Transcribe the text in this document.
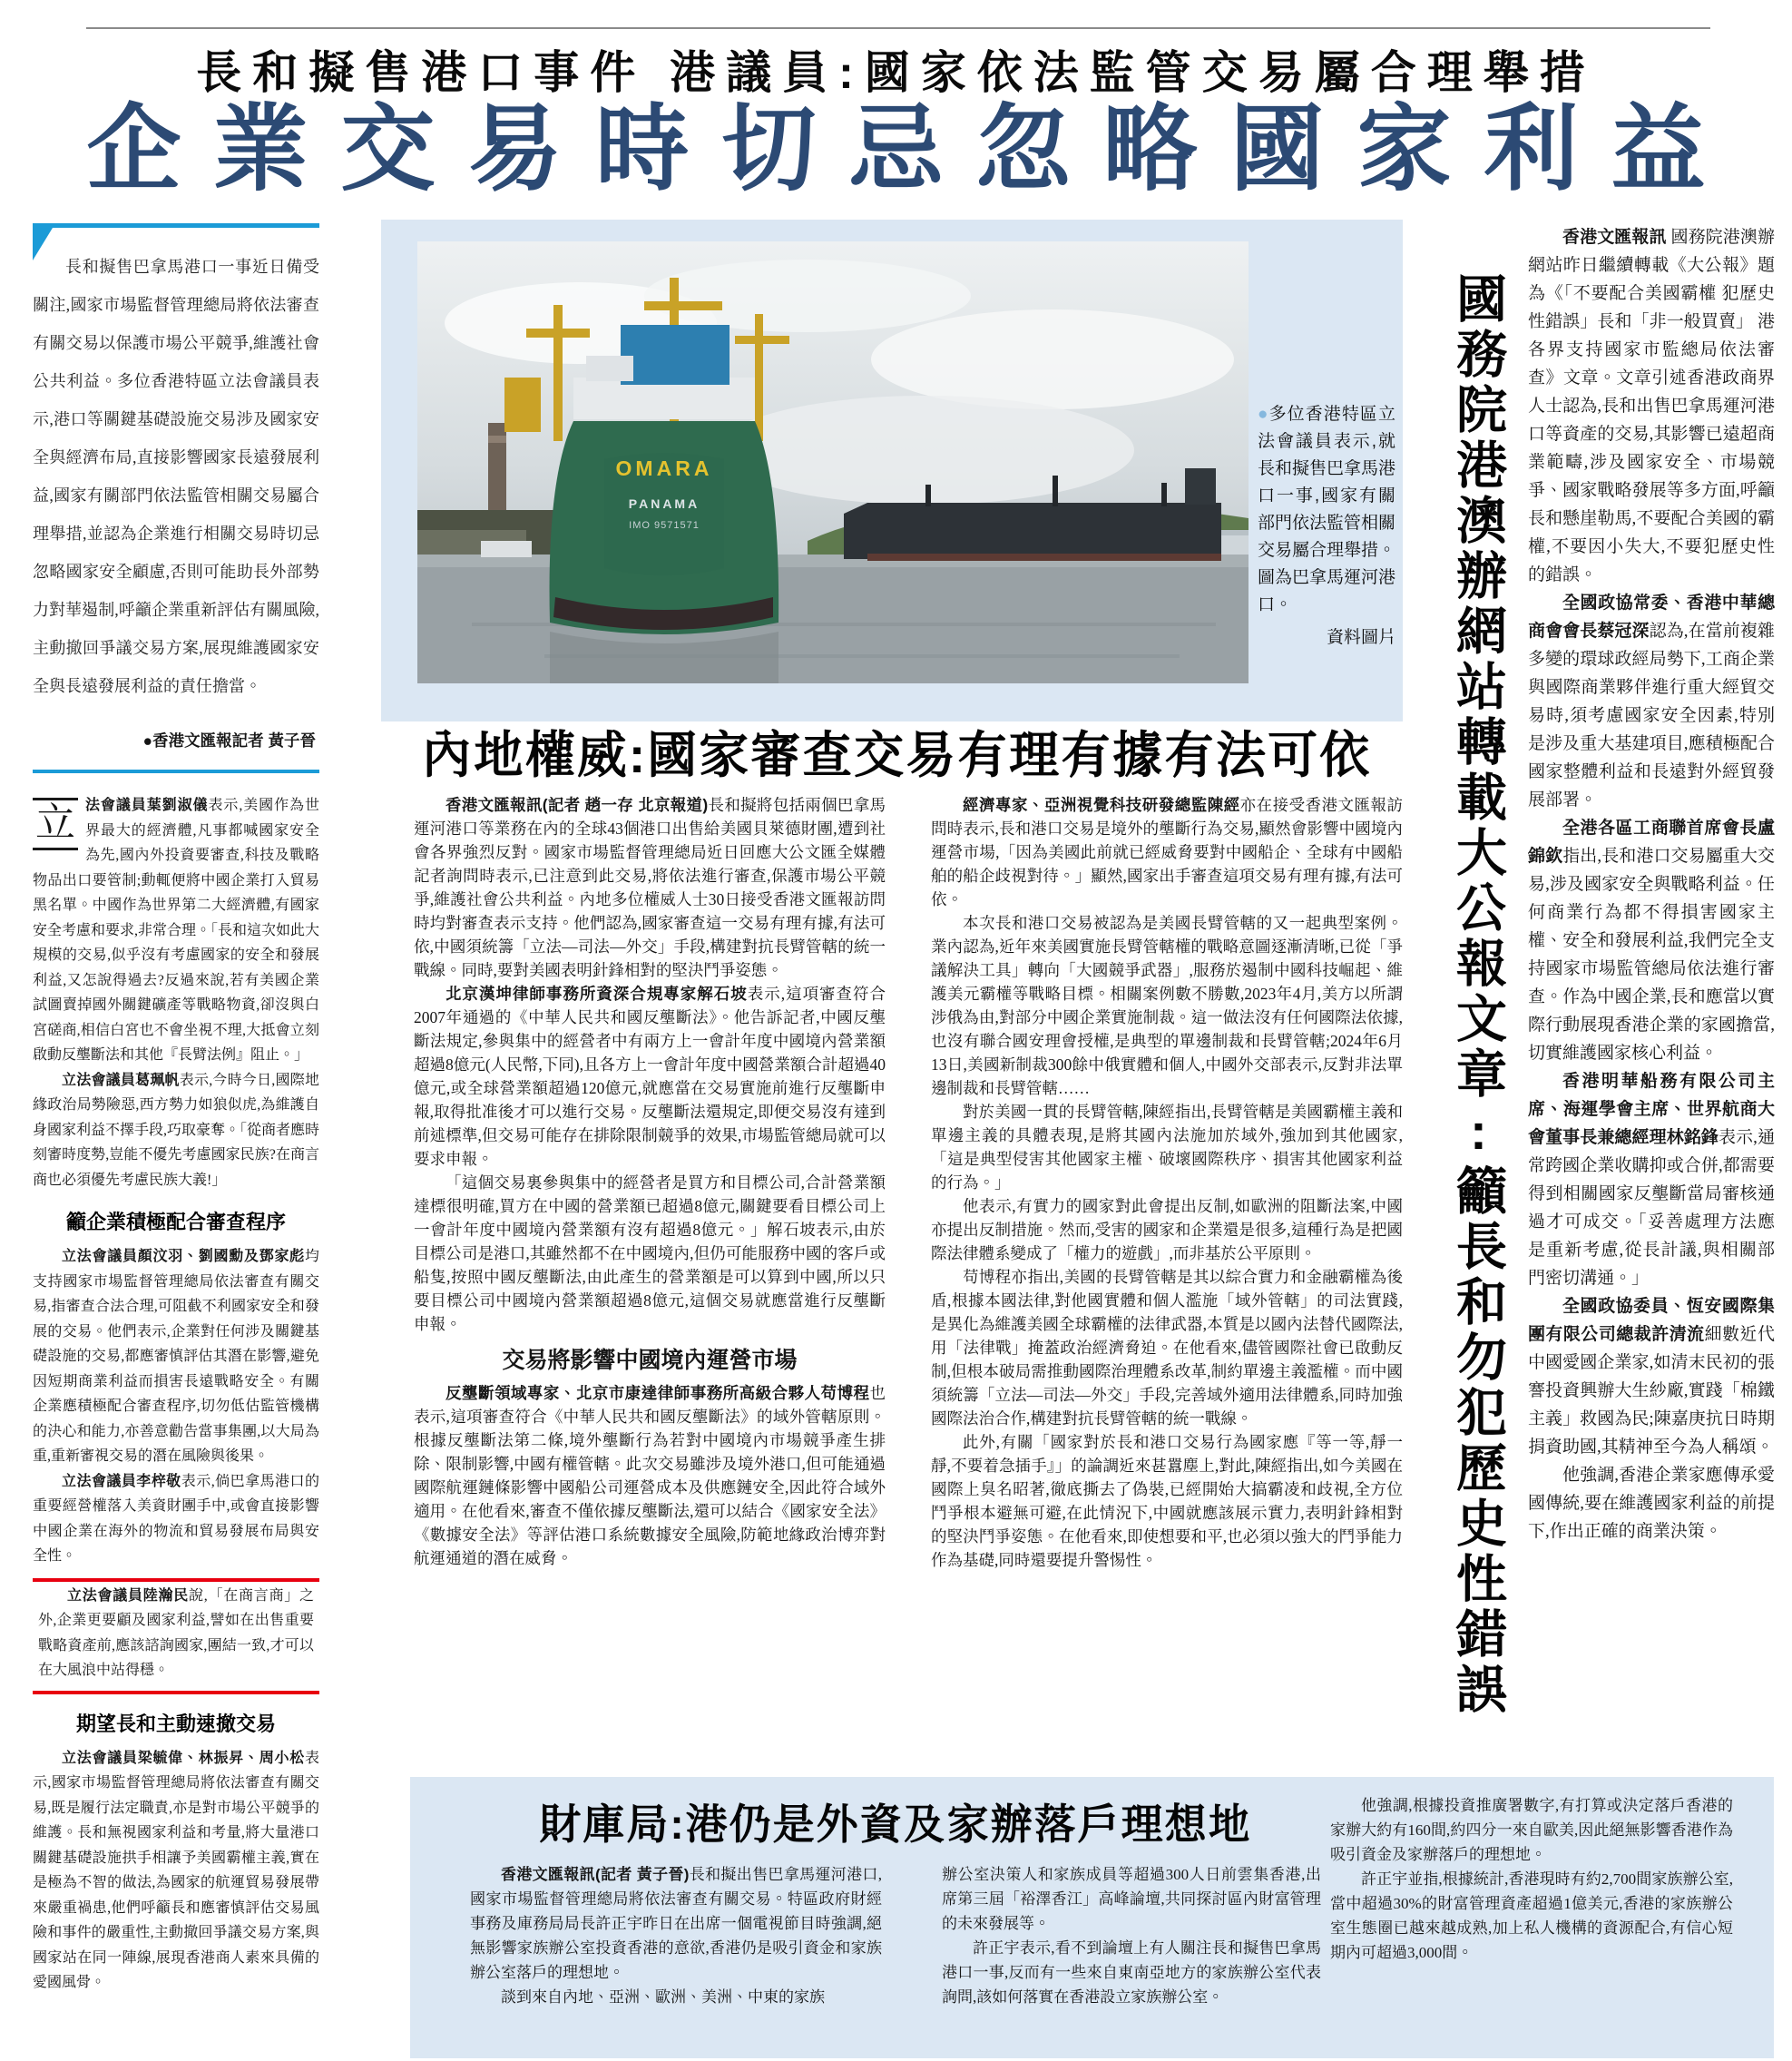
長和擬售港口事件 港議員:國家依法監管交易屬合理舉措
企業交易時切忌忽略國家利益

長和擬售巴拿馬港口一事近日備受關注,國家市場監督管理總局將依法審查有關交易以保護市場公平競爭,維護社會公共利益。多位香港特區立法會議員表示,港口等關鍵基礎設施交易涉及國家安全與經濟布局,直接影響國家長遠發展利益,國家有關部門依法監管相關交易屬合理舉措,並認為企業進行相關交易時切忌忽略國家安全顧慮,否則可能助長外部勢力對華遏制,呼籲企業重新評估有關風險,主動撤回爭議交易方案,展現維護國家安全與長遠發展利益的責任擔當。

●香港文匯報記者 黃子晉

立 法會議員葉劉淑儀表示,美國作為世界最大的經濟體,凡事都喊國家安全為先,國內外投資要審查,科技及戰略物品出口要管制;動輒便將中國企業打入貿易黑名單。中國作為世界第二大經濟體,有國家安全考慮和要求,非常合理。「長和這次如此大規模的交易,似乎沒有考慮國家的安全和發展利益,又怎說得過去?反過來說,若有美國企業試圖賣掉國外關鍵礦產等戰略物資,卻沒與白宮磋商,相信白宮也不會坐視不理,大抵會立刻啟動反壟斷法和其他『長臂法例』阻止。」

立法會議員葛珮帆表示,今時今日,國際地緣政治局勢險惡,西方勢力如狼似虎,為維護自身國家利益不擇手段,巧取豪奪。「從商者應時刻審時度勢,豈能不優先考慮國家民族?在商言商也必須優先考慮民族大義!」

籲企業積極配合審查程序

立法會議員顏汶羽、劉國勳及鄧家彪均支持國家市場監督管理總局依法審查有關交易,指審查合法合理,可阻截不利國家安全和發展的交易。他們表示,企業對任何涉及關鍵基礎設施的交易,都應審慎評估其潛在影響,避免因短期商業利益而損害長遠戰略安全。有關企業應積極配合審查程序,切勿低估監管機構的決心和能力,亦善意勸告當事集團,以大局為重,重新審視交易的潛在風險與後果。

立法會議員李梓敬表示,倘巴拿馬港口的重要經營權落入美資財團手中,或會直接影響中國企業在海外的物流和貿易發展布局與安全性。

立法會議員陸瀚民說,「在商言商」之外,企業更要顧及國家利益,譬如在出售重要戰略資產前,應該諮詢國家,團結一致,才可以在大風浪中站得穩。

期望長和主動速撤交易

立法會議員梁毓偉、林振昇、周小松表示,國家市場監督管理總局將依法審查有關交易,既是履行法定職責,亦是對市場公平競爭的維護。長和無視國家利益和考量,將大量港口關鍵基礎設施拱手相讓予美國霸權主義,實在是極為不智的做法,為國家的航運貿易發展帶來嚴重禍患,他們呼籲長和應審慎評估交易風險和事件的嚴重性,主動撤回爭議交易方案,與國家站在同一陣線,展現香港商人素來具備的愛國風骨。

OMARA
PANAMA
IMO 9571571
●多位香港特區立法會議員表示,就長和擬售巴拿馬港口一事,國家有關部門依法監管相關交易屬合理舉措。圖為巴拿馬運河港口。
資料圖片
內地權威:國家審查交易有理有據有法可依

香港文匯報訊(記者 趙一存 北京報道)長和擬將包括兩個巴拿馬運河港口等業務在內的全球43個港口出售給美國貝萊德財團,遭到社會各界強烈反對。國家市場監督管理總局近日回應大公文匯全媒體記者詢問時表示,已注意到此交易,將依法進行審查,保護市場公平競爭,維護社會公共利益。內地多位權威人士30日接受香港文匯報訪問時均對審查表示支持。他們認為,國家審查這一交易有理有據,有法可依,中國須統籌「立法—司法—外交」手段,構建對抗長臂管轄的統一戰線。同時,要對美國表明針鋒相對的堅決鬥爭姿態。

北京漢坤律師事務所資深合規專家解石坡表示,這項審查符合2007年通過的《中華人民共和國反壟斷法》。他告訴記者,中國反壟斷法規定,參與集中的經營者中有兩方上一會計年度中國境內營業額超過8億元(人民幣,下同),且各方上一會計年度中國營業額合計超過40億元,或全球營業額超過120億元,就應當在交易實施前進行反壟斷申報,取得批准後才可以進行交易。反壟斷法還規定,即便交易沒有達到前述標準,但交易可能存在排除限制競爭的效果,市場監管總局就可以要求申報。

「這個交易裏參與集中的經營者是買方和目標公司,合計營業額達標很明確,買方在中國的營業額已超過8億元,關鍵要看目標公司上一會計年度中國境內營業額有沒有超過8億元。」解石坡表示,由於目標公司是港口,其雖然都不在中國境內,但仍可能服務中國的客戶或船隻,按照中國反壟斷法,由此產生的營業額是可以算到中國,所以只要目標公司中國境內營業額超過8億元,這個交易就應當進行反壟斷申報。

交易將影響中國境內運營市場

反壟斷領域專家、北京市康達律師事務所高級合夥人苟博程也表示,這項審查符合《中華人民共和國反壟斷法》的域外管轄原則。根據反壟斷法第二條,境外壟斷行為若對中國境內市場競爭產生排除、限制影響,中國有權管轄。此次交易雖涉及境外港口,但可能通過國際航運鏈條影響中國船公司運營成本及供應鏈安全,因此符合域外適用。在他看來,審查不僅依據反壟斷法,還可以結合《國家安全法》《數據安全法》等評估港口系統數據安全風險,防範地緣政治博弈對航運通道的潛在威脅。

經濟專家、亞洲視覺科技研發總監陳經亦在接受香港文匯報訪問時表示,長和港口交易是境外的壟斷行為交易,顯然會影響中國境內運營市場,「因為美國此前就已經威脅要對中國船企、全球有中國船舶的船企歧視對待。」顯然,國家出手審查這項交易有理有據,有法可依。

本次長和港口交易被認為是美國長臂管轄的又一起典型案例。業內認為,近年來美國實施長臂管轄權的戰略意圖逐漸清晰,已從「爭議解決工具」轉向「大國競爭武器」,服務於遏制中國科技崛起、維護美元霸權等戰略目標。相關案例數不勝數,2023年4月,美方以所謂涉俄為由,對部分中國企業實施制裁。這一做法沒有任何國際法依據,也沒有聯合國安理會授權,是典型的單邊制裁和長臂管轄;2024年6月13日,美國新制裁300餘中俄實體和個人,中國外交部表示,反對非法單邊制裁和長臂管轄……

對於美國一貫的長臂管轄,陳經指出,長臂管轄是美國霸權主義和單邊主義的具體表現,是將其國內法施加於域外,強加到其他國家,「這是典型侵害其他國家主權、破壞國際秩序、損害其他國家利益的行為。」

他表示,有實力的國家對此會提出反制,如歐洲的阻斷法案,中國亦提出反制措施。然而,受害的國家和企業還是很多,這種行為是把國際法律體系變成了「權力的遊戲」,而非基於公平原則。

苟博程亦指出,美國的長臂管轄是其以綜合實力和金融霸權為後盾,根據本國法律,對他國實體和個人濫施「域外管轄」的司法實踐,是異化為維護美國全球霸權的法律武器,本質是以國內法替代國際法,用「法律戰」掩蓋政治經濟脅迫。在他看來,儘管國際社會已啟動反制,但根本破局需推動國際治理體系改革,制約單邊主義濫權。而中國須統籌「立法—司法—外交」手段,完善域外適用法律體系,同時加強國際法治合作,構建對抗長臂管轄的統一戰線。

此外,有關「國家對於長和港口交易行為國家應『等一等,靜一靜,不要着急插手』」的論調近來甚囂塵上,對此,陳經指出,如今美國在國際上臭名昭著,徹底撕去了偽裝,已經開始大搞霸凌和歧視,全方位鬥爭根本避無可避,在此情況下,中國就應該展示實力,表明針鋒相對的堅決鬥爭姿態。在他看來,即使想要和平,也必須以強大的鬥爭能力作為基礎,同時還要提升警惕性。	國務院港澳辦網站轉載大公報文章:籲長和勿犯歷史性錯誤

香港文匯報訊 國務院港澳辦網站昨日繼續轉載《大公報》題為《「不要配合美國霸權 犯歷史性錯誤」長和「非一般買賣」 港各界支持國家市監總局依法審查》文章。文章引述香港政商界人士認為,長和出售巴拿馬運河港口等資產的交易,其影響已遠超商業範疇,涉及國家安全、市場競爭、國家戰略發展等多方面,呼籲長和懸崖勒馬,不要配合美國的霸權,不要因小失大,不要犯歷史性的錯誤。

全國政協常委、香港中華總商會會長蔡冠深認為,在當前複雜多變的環球政經局勢下,工商企業與國際商業夥伴進行重大經貿交易時,須考慮國家安全因素,特別是涉及重大基建項目,應積極配合國家整體利益和長遠對外經貿發展部署。

全港各區工商聯首席會長盧錦欽指出,長和港口交易屬重大交易,涉及國家安全與戰略利益。任何商業行為都不得損害國家主權、安全和發展利益,我們完全支持國家市場監管總局依法進行審查。作為中國企業,長和應當以實際行動展現香港企業的家國擔當,切實維護國家核心利益。

香港明華船務有限公司主席、海運學會主席、世界航商大會董事長兼總經理林銘鋒表示,通常跨國企業收購抑或合併,都需要得到相關國家反壟斷當局審核通過才可成交。「妥善處理方法應是重新考慮,從長計議,與相關部門密切溝通。」

全國政協委員、恆安國際集團有限公司總裁許清流細數近代中國愛國企業家,如清末民初的張謇投資興辦大生紗廠,實踐「棉鐵主義」救國為民;陳嘉庚抗日時期捐資助國,其精神至今為人稱頌。

他強調,香港企業家應傳承愛國傳統,要在維護國家利益的前提下,作出正確的商業決策。

財庫局:港仍是外資及家辦落戶理想地

香港文匯報訊(記者 黃子晉)長和擬出售巴拿馬運河港口,國家市場監督管理總局將依法審查有關交易。特區政府財經事務及庫務局局長許正宇昨日在出席一個電視節目時強調,絕無影響家族辦公室投資香港的意欲,香港仍是吸引資金和家族辦公室落戶的理想地。

談到來自內地、亞洲、歐洲、美洲、中東的家族

辦公室決策人和家族成員等超過300人日前雲集香港,出席第三屆「裕澤香江」高峰論壇,共同探討區內財富管理的未來發展等。

許正宇表示,看不到論壇上有人關注長和擬售巴拿馬港口一事,反而有一些來自東南亞地方的家族辦公室代表詢問,該如何落實在香港設立家族辦公室。

他強調,根據投資推廣署數字,有打算或決定落戶香港的家辦大約有160間,約四分一來自歐美,因此絕無影響香港作為吸引資金及家辦落戶的理想地。

許正宇並指,根據統計,香港現時有約2,700間家族辦公室,當中超過30%的財富管理資產超過1億美元,香港的家族辦公室生態圈已越來越成熟,加上私人機構的資源配合,有信心短期內可超過3,000間。
